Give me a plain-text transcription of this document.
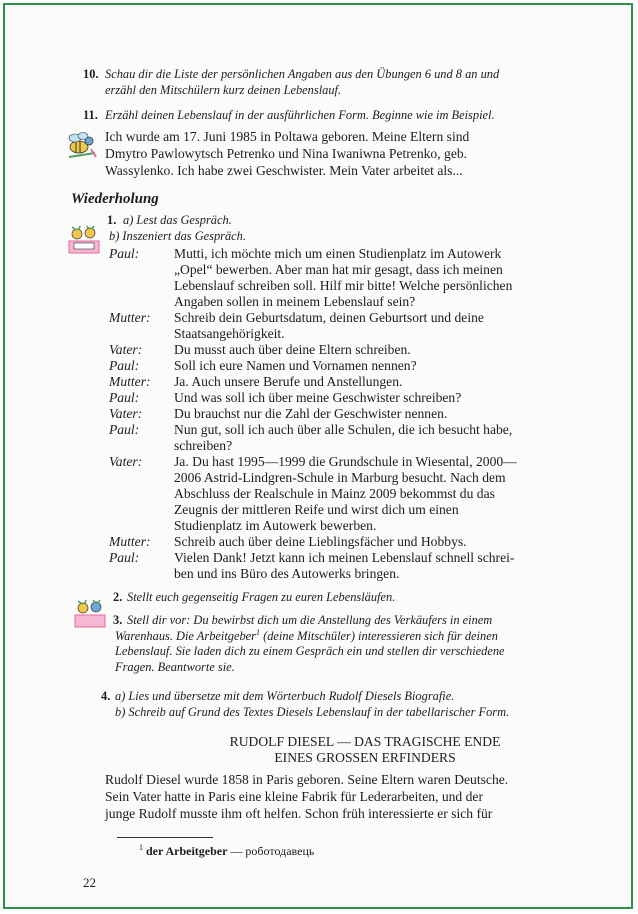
10. Schau dir die Liste der persönlichen Angaben aus den Übungen 6 und 8 an und
erzähl den Mitschülern kurz deinen Lebenslauf.
11. Erzähl deinen Lebenslauf in der ausführlichen Form. Beginne wie im Beispiel.
Ich wurde am 17. Juni 1985 in Poltawa geboren. Meine Eltern sind
Dmytro Pawlowytsch Petrenko und Nina Iwaniwna Petrenko, geb.
Wassylenko. Ich habe zwei Geschwister. Mein Vater arbeitet als...
Wiederholung
1. a) Lest das Gespräch.
b) Inszeniert das Gespräch.
Paul:	Mutti, ich möchte mich um einen Studienplatz im Autowerk
„Opel“ bewerben. Aber man hat mir gesagt, dass ich meinen
Lebenslauf schreiben soll. Hilf mir bitte! Welche persönlichen
Angaben sollen in meinem Lebenslauf sein?
Mutter:	Schreib dein Geburtsdatum, deinen Geburtsort und deine
Staatsangehörigkeit.
Vater:	Du musst auch über deine Eltern schreiben.
Paul:	Soll ich eure Namen und Vornamen nennen?
Mutter:	Ja. Auch unsere Berufe und Anstellungen.
Paul:	Und was soll ich über meine Geschwister schreiben?
Vater:	Du brauchst nur die Zahl der Geschwister nennen.
Paul:	Nun gut, soll ich auch über alle Schulen, die ich besucht habe,
schreiben?
Vater:	Ja. Du hast 1995—1999 die Grundschule in Wiesental, 2000—
2006 Astrid-Lindgren-Schule in Marburg besucht. Nach dem
Abschluss der Realschule in Mainz 2009 bekommst du das
Zeugnis der mittleren Reife und wirst dich um einen
Studienplatz im Autowerk bewerben.
Mutter:	Schreib auch über deine Lieblingsfächer und Hobbys.
Paul:	Vielen Dank! Jetzt kann ich meinen Lebenslauf schnell schrei-
ben und ins Büro des Autowerks bringen.
2. Stellt euch gegenseitig Fragen zu euren Lebensläufen.
3. Stell dir vor: Du bewirbst dich um die Anstellung des Verkäufers in einem
Warenhaus. Die Arbeitgeber$^1$ (deine Mitschüler) interessieren sich für deinen
Lebenslauf. Sie laden dich zu einem Gespräch ein und stellen dir verschiedene
Fragen. Beantworte sie.
4. a) Lies und übersetze mit dem Wörterbuch Rudolf Diesels Biografie.
b) Schreib auf Grund des Textes Diesels Lebenslauf in der tabellarischer Form.
RUDOLF DIESEL — DAS TRAGISCHE ENDE
EINES GROSSEN ERFINDERS
Rudolf Diesel wurde 1858 in Paris geboren. Seine Eltern waren Deutsche.
Sein Vater hatte in Paris eine kleine Fabrik für Lederarbeiten, und der
junge Rudolf musste ihm oft helfen. Schon früh interessierte er sich für
$^1$ der Arbeitgeber — роботодавець
22
